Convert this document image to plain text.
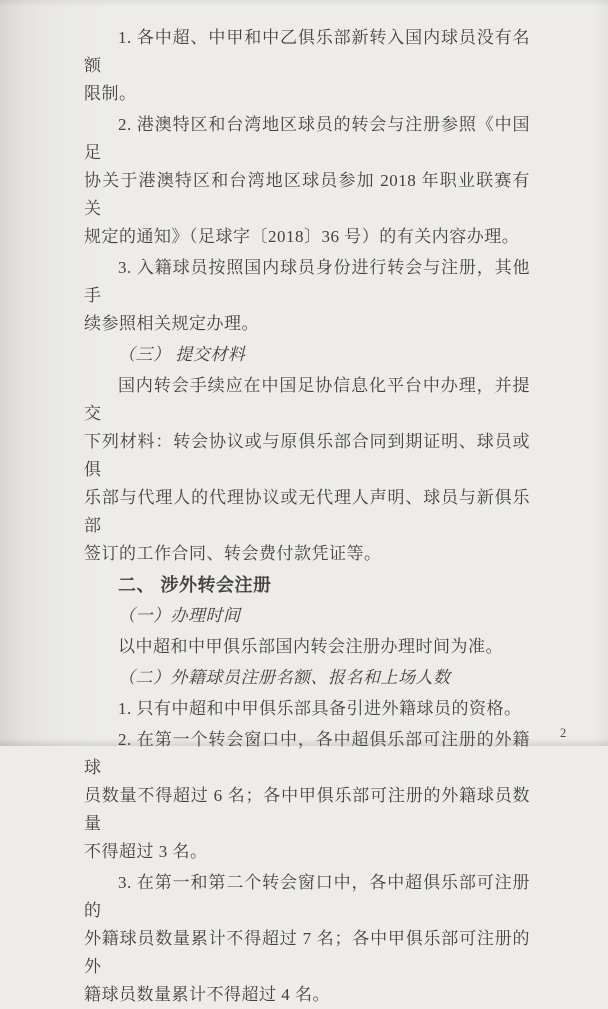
1. 各中超、中甲和中乙俱乐部新转入国内球员没有名额
限制。
2. 港澳特区和台湾地区球员的转会与注册参照《中国足
协关于港澳特区和台湾地区球员参加 2018 年职业联赛有关
规定的通知》（足球字〔2018〕36 号）的有关内容办理。
3. 入籍球员按照国内球员身份进行转会与注册，其他手
续参照相关规定办理。
（三） 提交材料
国内转会手续应在中国足协信息化平台中办理，并提交
下列材料：转会协议或与原俱乐部合同到期证明、球员或俱
乐部与代理人的代理协议或无代理人声明、球员与新俱乐部
签订的工作合同、转会费付款凭证等。
二、 涉外转会注册
（一）办理时间
以中超和中甲俱乐部国内转会注册办理时间为准。
（二）外籍球员注册名额、报名和上场人数
1. 只有中超和中甲俱乐部具备引进外籍球员的资格。
2. 在第一个转会窗口中，各中超俱乐部可注册的外籍球
员数量不得超过 6 名；各中甲俱乐部可注册的外籍球员数量
不得超过 3 名。
3. 在第一和第二个转会窗口中，各中超俱乐部可注册的
外籍球员数量累计不得超过 7 名；各中甲俱乐部可注册的外
籍球员数量累计不得超过 4 名。
2
